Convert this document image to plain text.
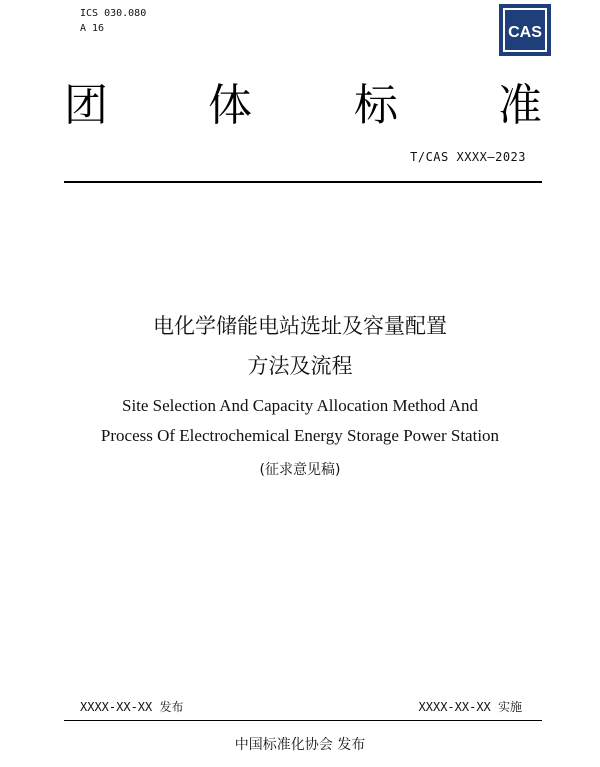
ICS 030.080
A 16	CAS
团 体 标 准
T/CAS XXXX—2023
电化学储能电站选址及容量配置
方法及流程
Site Selection And Capacity Allocation Method And
Process Of Electrochemical Energy Storage Power Station
(征求意见稿)
XXXX-XX-XX 发布	XXXX-XX-XX 实施
中国标准化协会 发布
